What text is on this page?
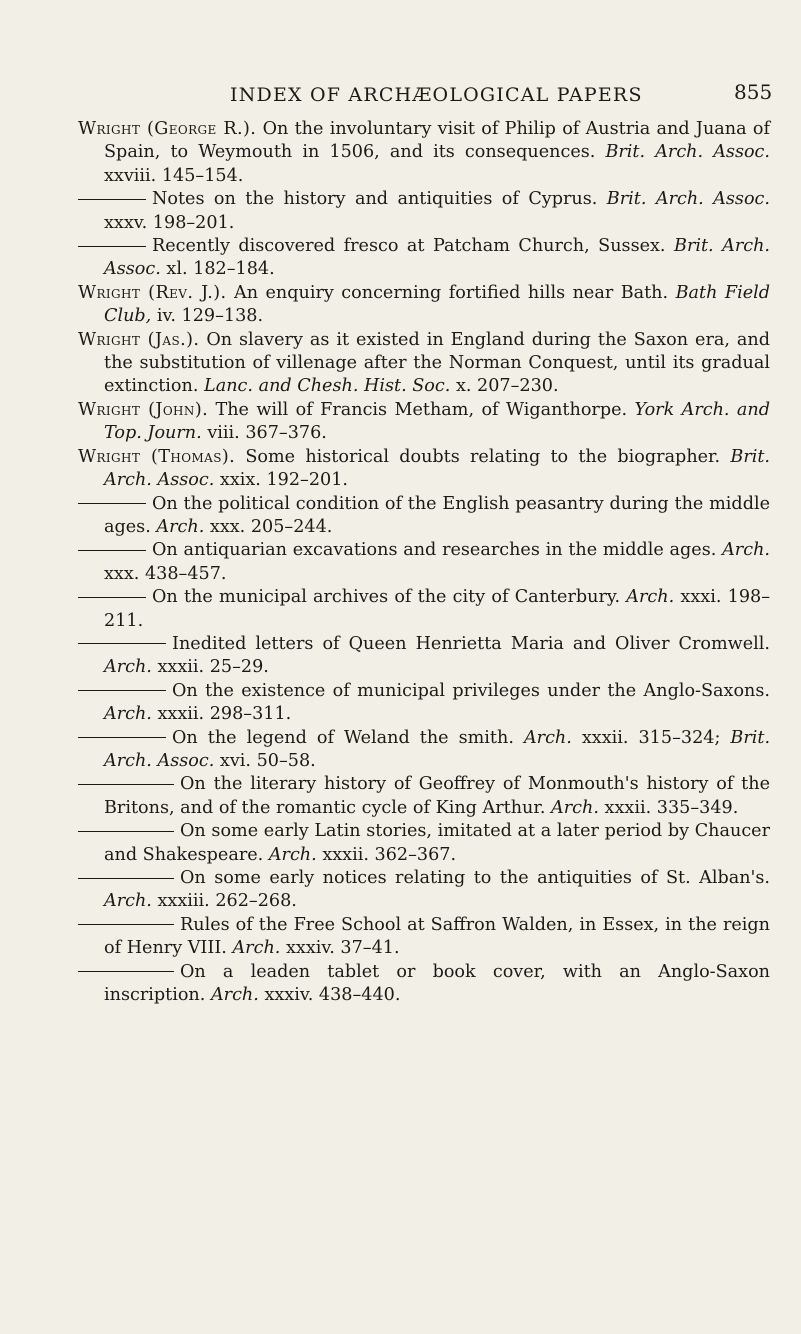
INDEX OF ARCHÆOLOGICAL PAPERS	855

Wright (George R.). On the involuntary visit of Philip of Austria and Juana of Spain, to Weymouth in 1506, and its consequences. Brit. Arch. Assoc. xxviii. 145–154.

Notes on the history and antiquities of Cyprus. Brit. Arch. Assoc. xxxv. 198–201.

Recently discovered fresco at Patcham Church, Sussex. Brit. Arch. Assoc. xl. 182–184.

Wright (Rev. J.). An enquiry concerning fortified hills near Bath. Bath Field Club, iv. 129–138.

Wright (Jas.). On slavery as it existed in England during the Saxon era, and the substitution of villenage after the Norman Conquest, until its gradual extinction. Lanc. and Chesh. Hist. Soc. x. 207–230.

Wright (John). The will of Francis Metham, of Wiganthorpe. York Arch. and Top. Journ. viii. 367–376.

Wright (Thomas). Some historical doubts relating to the biographer. Brit. Arch. Assoc. xxix. 192–201.

On the political condition of the English peasantry during the middle ages. Arch. xxx. 205–244.

On antiquarian excavations and researches in the middle ages. Arch. xxx. 438–457.

On the municipal archives of the city of Canterbury. Arch. xxxi. 198–211.

Inedited letters of Queen Henrietta Maria and Oliver Cromwell. Arch. xxxii. 25–29.

On the existence of municipal privileges under the Anglo-Saxons. Arch. xxxii. 298–311.

On the legend of Weland the smith. Arch. xxxii. 315–324; Brit. Arch. Assoc. xvi. 50–58.

On the literary history of Geoffrey of Monmouth's history of the Britons, and of the romantic cycle of King Arthur. Arch. xxxii. 335–349.

On some early Latin stories, imitated at a later period by Chaucer and Shakespeare. Arch. xxxii. 362–367.

On some early notices relating to the antiquities of St. Alban's. Arch. xxxiii. 262–268.

Rules of the Free School at Saffron Walden, in Essex, in the reign of Henry VIII. Arch. xxxiv. 37–41.

On a leaden tablet or book cover, with an Anglo-Saxon inscription. Arch. xxxiv. 438–440.
